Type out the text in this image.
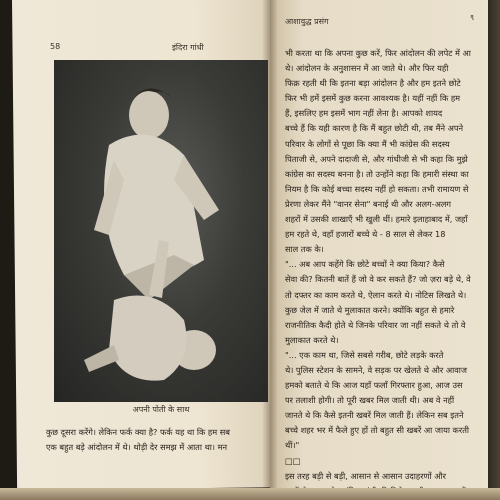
58	इंदिरा गांधी
अपनी पोती के साथ
कुछ दूसरा करेंगे। लेकिन फर्क क्या है? फर्क यह था कि हम सब
एक बहुत बड़े आंदोलन में थे। थोड़ी देर समझ में आता था। मन
आशावुद्ध प्रसंग	९
भी करता था कि अपना कुछ करें, फिर आंदोलन की लपेट में आ
थे। आंदोलन के अनुशासन में आ जाते थे। और फिर यही
फिक्र रहती थी कि इतना बड़ा आंदोलन है और हम इतने छोटे
फिर भी हमें इसमें कुछ करना आवश्यक है। यहीं नहीं कि हम
हैं, इसलिए हम इसमें भाग नहीं लेना है। आपको शायद
बच्चे हैं कि यही कारण है कि मैं बहुत छोटी थी, तब मैंने अपने
परिवार के लोगों से पूछा कि क्या मैं भी कांग्रेस की सदस्य
पिताजी से, अपने दादाजी से, और गांधीजी से भी कहा कि मुझे
कांग्रेस का सदस्य बनना है। तो उन्होंने कहा कि हमारी संस्था का
नियम है कि कोई बच्चा सदस्य नहीं हो सकता। तभी रामायण से
प्रेरणा लेकर मैंने "वानर सेना" बनाई थी और अलग-अलग
शहरों में उसकी शाखाएँ भी खुली थीं। हमारे इलाहाबाद में, जहाँ
हम रहते थे, वहाँ हजारों बच्चे थे - 8 साल से लेकर 18
साल तक के।
"... अब आप कहेंगे कि छोटे बच्चों ने क्या किया? कैसे
सेवा की? कितनी बातें हैं जो वे कर सकते हैं? जो ज़रा बड़े थे, वे
तो दफ्तर का काम करते थे, ऐलान करते थे। नोटिस लिखते थे।
कुछ जेल में जाते थे मुलाकात करने। क्योंकि बहुत से हमारे
राजनीतिक कैदी होते थे जिनके परिवार जा नहीं सकते थे तो वे
मुलाकात करते थे।
"... एक काम था, जिसे सबसे गरीब, छोटे लड़के करते
थे। पुलिस स्टेशन के सामने, वे सड़क पर खेलते थे और आवाज
हमको बताते थे कि आज यहाँ फलाँ गिरफ्तार हुआ, आज उस
पर तलाशी होगी। तो पूरी खबर मिल जाती थी। अब वे नहीं
जानते थे कि कैसे इतनी खबरें मिल जाती हैं। लेकिन सब इतने
बच्चे शहर भर में फैले हुए हों तो बहुत सी खबरें आ जाया करती
थीं।"
□□
इस तरह बड़ी से बड़ी, आसान से आसान उदाहरणों और
